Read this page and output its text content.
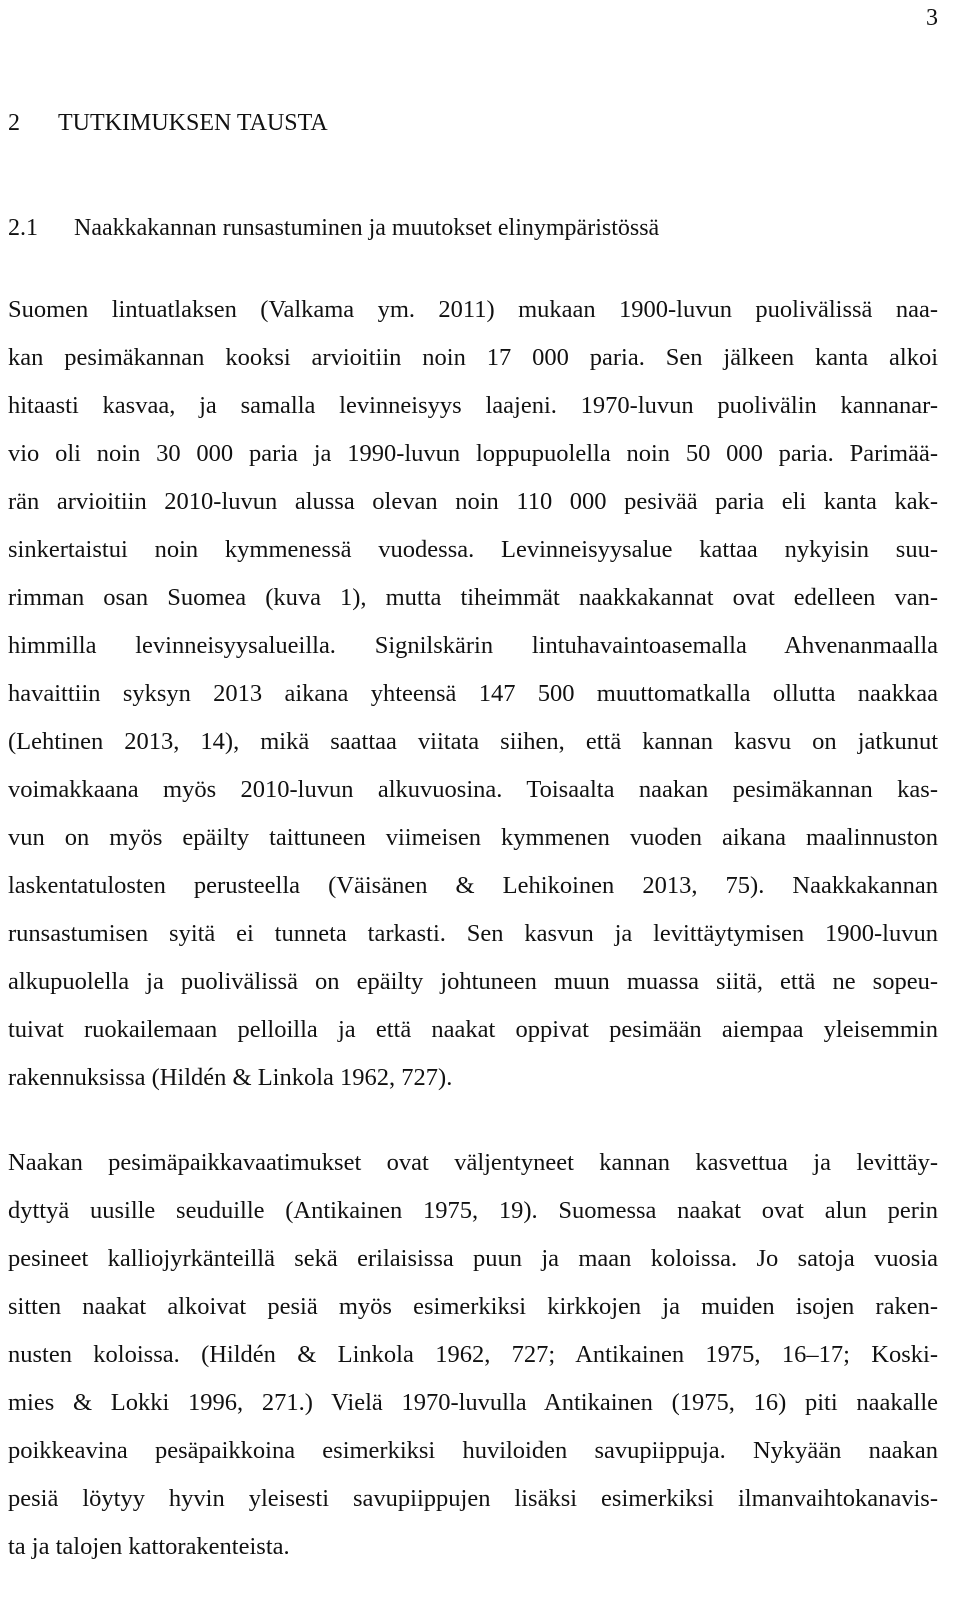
3
2 TUTKIMUKSEN TAUSTA
2.1 Naakkakannan runsastuminen ja muutokset elinympäristössä
Suomen lintuatlaksen (Valkama ym. 2011) mukaan 1900-luvun puolivälissä naa-
kan pesimäkannan kooksi arvioitiin noin 17 000 paria. Sen jälkeen kanta alkoi
hitaasti kasvaa, ja samalla levinneisyys laajeni. 1970-luvun puolivälin kannanar-
vio oli noin 30 000 paria ja 1990-luvun loppupuolella noin 50 000 paria. Parimää-
rän arvioitiin 2010-luvun alussa olevan noin 110 000 pesivää paria eli kanta kak-
sinkertaistui noin kymmenessä vuodessa. Levinneisyysalue kattaa nykyisin suu-
rimman osan Suomea (kuva 1), mutta tiheimmät naakkakannat ovat edelleen van-
himmilla levinneisyysalueilla. Signilskärin lintuhavaintoasemalla Ahvenanmaalla
havaittiin syksyn 2013 aikana yhteensä 147 500 muuttomatkalla ollutta naakkaa
(Lehtinen 2013, 14), mikä saattaa viitata siihen, että kannan kasvu on jatkunut
voimakkaana myös 2010-luvun alkuvuosina. Toisaalta naakan pesimäkannan kas-
vun on myös epäilty taittuneen viimeisen kymmenen vuoden aikana maalinnuston
laskentatulosten perusteella (Väisänen & Lehikoinen 2013, 75). Naakkakannan
runsastumisen syitä ei tunneta tarkasti. Sen kasvun ja levittäytymisen 1900-luvun
alkupuolella ja puolivälissä on epäilty johtuneen muun muassa siitä, että ne sopeu-
tuivat ruokailemaan pelloilla ja että naakat oppivat pesimään aiempaa yleisemmin
rakennuksissa (Hildén & Linkola 1962, 727).
Naakan pesimäpaikkavaatimukset ovat väljentyneet kannan kasvettua ja levittäy-
dyttyä uusille seuduille (Antikainen 1975, 19). Suomessa naakat ovat alun perin
pesineet kalliojyrkänteillä sekä erilaisissa puun ja maan koloissa. Jo satoja vuosia
sitten naakat alkoivat pesiä myös esimerkiksi kirkkojen ja muiden isojen raken-
nusten koloissa. (Hildén & Linkola 1962, 727; Antikainen 1975, 16–17; Koski-
mies & Lokki 1996, 271.) Vielä 1970-luvulla Antikainen (1975, 16) piti naakalle
poikkeavina pesäpaikkoina esimerkiksi huviloiden savupiippuja. Nykyään naakan
pesiä löytyy hyvin yleisesti savupiippujen lisäksi esimerkiksi ilmanvaihtokanavis-
ta ja talojen kattorakenteista.
